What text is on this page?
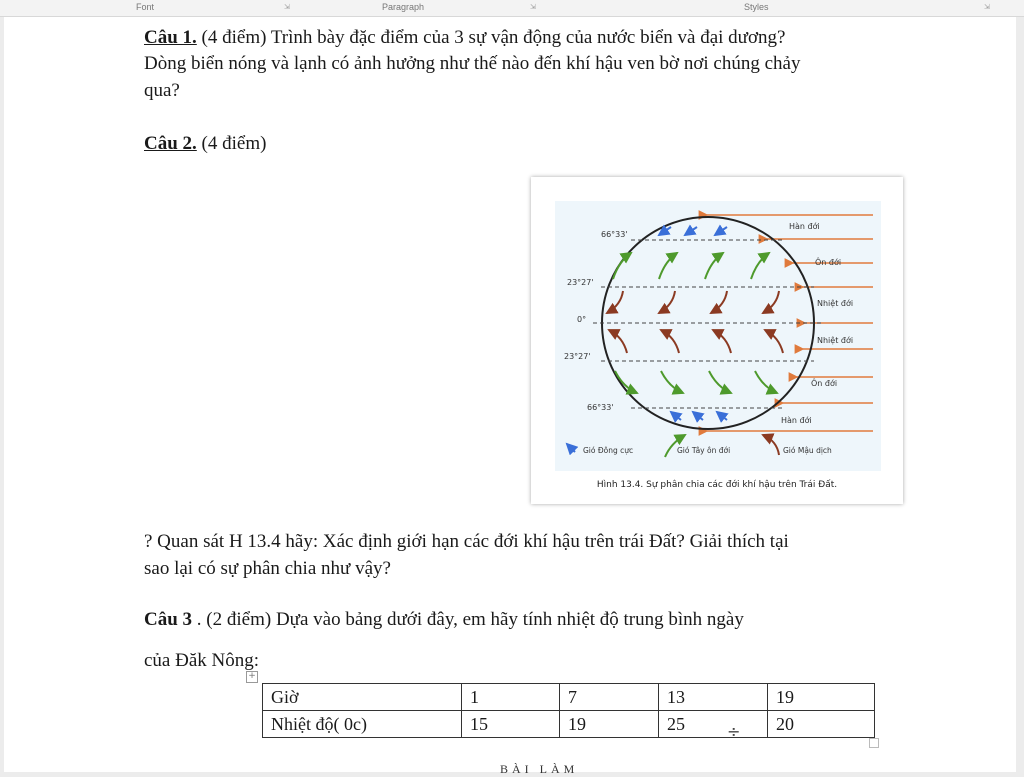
Font	⇲	Paragraph	⇲	Styles	⇲

Câu 1. (4 điểm) Trình bày đặc điểm của 3 sự vận động của nước biển và đại dương?

Dòng biển nóng và lạnh có ảnh hưởng như thế nào đến khí hậu ven bờ nơi chúng chảy

qua?

Câu 2. (4 điểm)

66°33'
23°27'
0°
23°27'
66°33'
Hàn đới
Ôn đới
Nhiệt đới
Nhiệt đới
Ôn đới
Hàn đới
Gió Đông cực	Gió Tây ôn đới	Gió Mậu dịch
Hình 13.4. Sự phân chia các đới khí hậu trên Trái Đất.

? Quan sát H 13.4 hãy: Xác định giới hạn các đới khí hậu trên trái Đất? Giải thích tại

sao lại có sự phân chia như vậy?

Câu 3 . (2 điểm) Dựa vào bảng dưới đây, em hãy tính nhiệt độ trung bình ngày

của Đăk Nông:

+
Giờ	1	7	13	19
Nhiệt độ( 0c)	15	19	25	20
÷
BÀI LÀM
